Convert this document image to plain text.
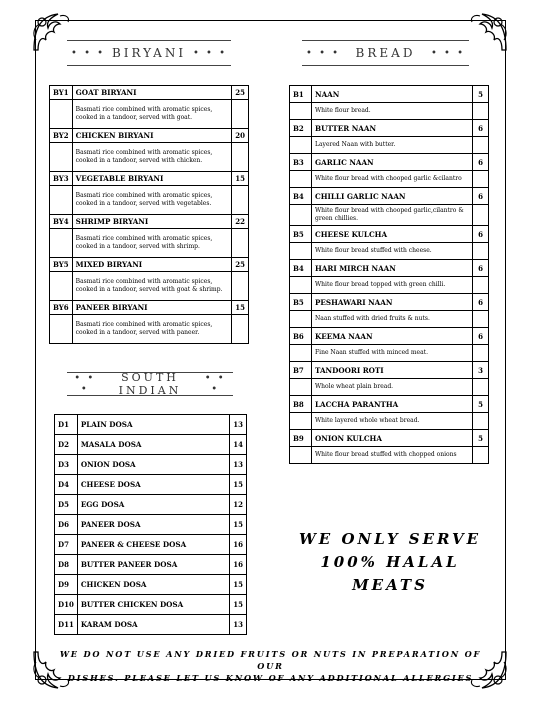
• • • BIRYANI • • •	• • • BREAD • • •
BY1	GOAT BIRYANI	25
	Basmati rice combined with aromatic spices, cooked in a tandoor, served with goat.	
BY2	CHICKEN BIRYANI	20
	Basmati rice combined with aromatic spices, cooked in a tandoor, served with chicken.	
BY3	VEGETABLE BIRYANI	15
	Basmati rice combined with aromatic spices, cooked in a tandoor, served with vegetables.	
BY4	SHRIMP BIRYANI	22
	Basmati rice combined with aromatic spices, cooked in a tandoor, served with shrimp.	
BY5	MIXED BIRYANI	25
	Basmati rice combined with aromatic spices, cooked in a tandoor, served with goat & shrimp.	
BY6	PANEER BIRYANI	15
	Basmati rice combined with aromatic spices, cooked in a tandoor, served with paneer.	
B1	NAAN	5
	White flour bread.	
B2	BUTTER NAAN	6
	Layered Naan with butter.	
B3	GARLIC NAAN	6
	White flour bread with chooped garlic &cilantro	
B4	CHILLI GARLIC NAAN	6
	White flour bread with chooped garlic,cilantro & green chillies.	
B5	CHEESE KULCHA	6
	White flour bread stuffed with cheese.	
B4	HARI MIRCH NAAN	6
	White flour bread topped with green chilli.	
B5	PESHAWARI NAAN	6
	Naan stuffed with dried fruits & nuts.	
B6	KEEMA NAAN	6
	Fine Naan stuffed with minced meat.	
B7	TANDOORI ROTI	3
	Whole wheat plain bread.	
B8	LACCHA PARANTHA	5
	White layered whole wheat bread.	
B9	ONION KULCHA	5
	White flour bread stuffed with chopped onions	
• • •
SOUTH INDIAN
• • •
D1	PLAIN DOSA	13
D2	MASALA DOSA	14
D3	ONION DOSA	13
D4	CHEESE DOSA	15
D5	EGG DOSA	12
D6	PANEER DOSA	15
D7	PANEER & CHEESE DOSA	16
D8	BUTTER PANEER DOSA	16
D9	CHICKEN DOSA	15
D10	BUTTER CHICKEN DOSA	15
D11	KARAM DOSA	13
WE ONLY SERVE
100% HALAL
MEATS
WE DO NOT USE ANY DRIED FRUITS OR NUTS IN PREPARATION OF OUR
DISHES. PLEASE LET US KNOW OF ANY ADDITIONAL ALLERGIES
